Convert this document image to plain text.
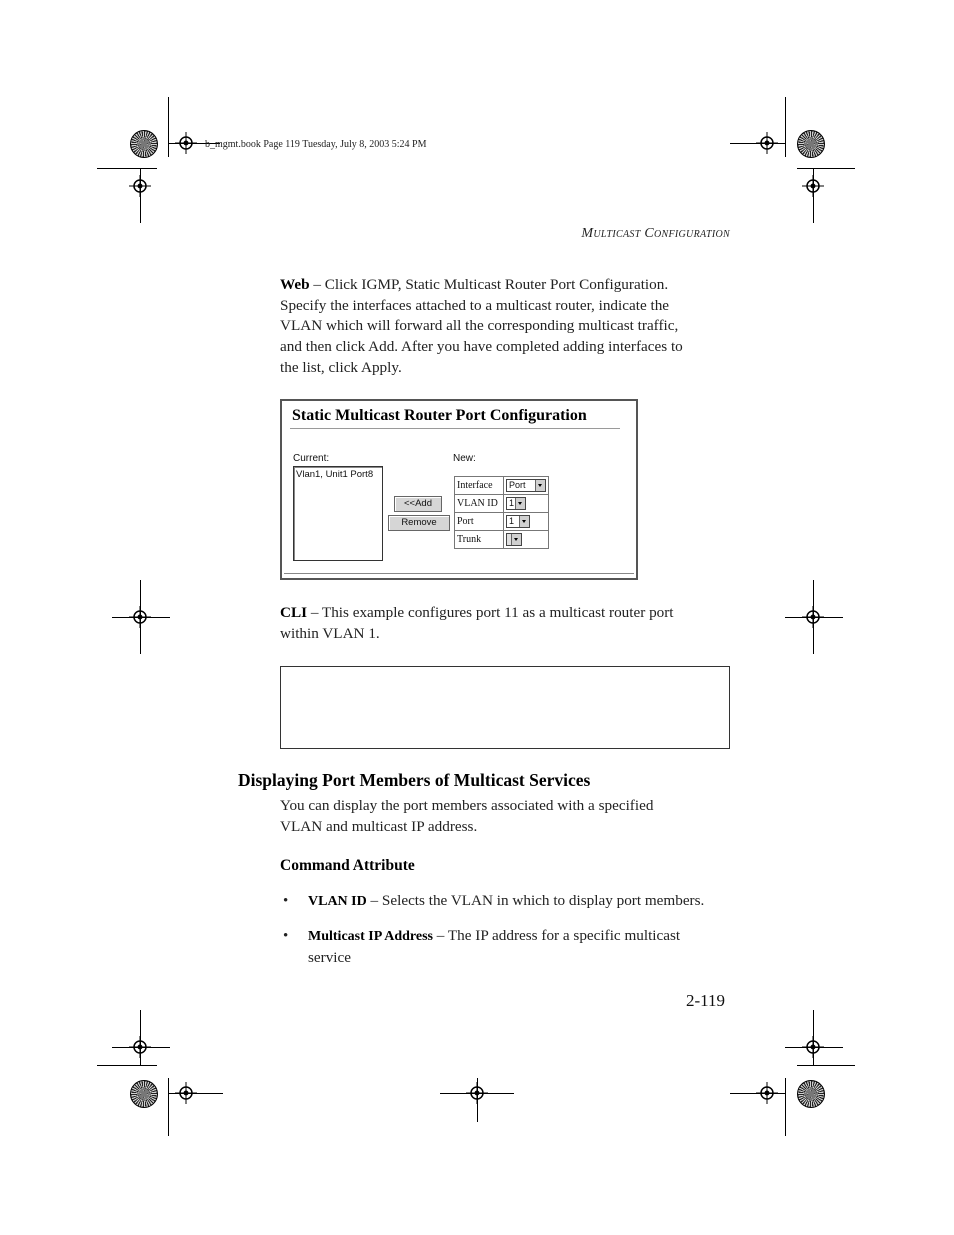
b_mgmt.book Page 119 Tuesday, July 8, 2003 5:24 PM
Multicast Configuration
Web – Click IGMP, Static Multicast Router Port Configuration.
Specify the interfaces attached to a multicast router, indicate the
VLAN which will forward all the corresponding multicast traffic,
and then click Add. After you have completed adding interfaces to
the list, click Apply.
Static Multicast Router Port Configuration
Current:	New:
Vlan1, Unit1 Port8
<<Add
Remove
Interface	Port

VLAN ID	1

Port	1

Trunk	
CLI – This example configures port 11 as a multicast router port
within VLAN 1.
Displaying Port Members of Multicast Services
You can display the port members associated with a specified
VLAN and multicast IP address.
Command Attribute
• VLAN ID – Selects the VLAN in which to display port members.
• Multicast IP Address – The IP address for a specific multicast
service
2-119
